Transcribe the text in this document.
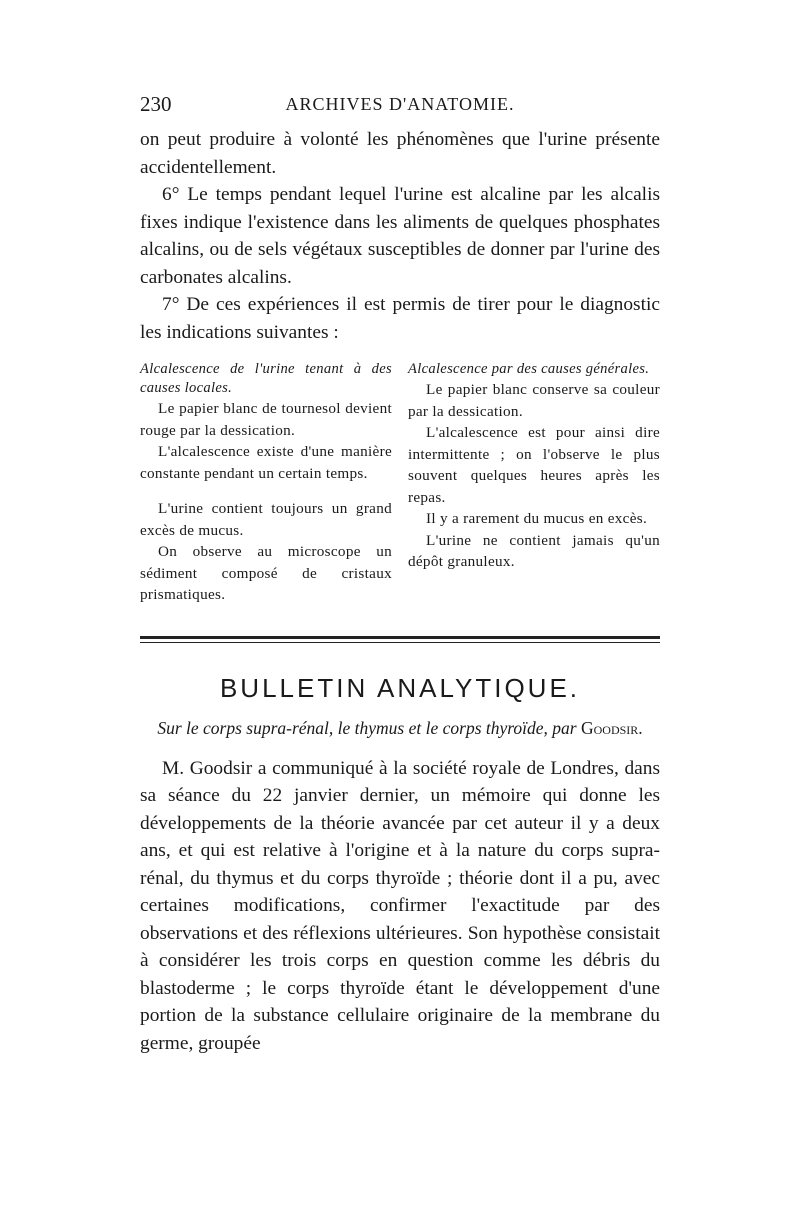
230	ARCHIVES D'ANATOMIE.

on peut produire à volonté les phénomènes que l'urine présente accidentellement.

6° Le temps pendant lequel l'urine est alcaline par les alcalis fixes indique l'existence dans les aliments de quelques phosphates alcalins, ou de sels végétaux susceptibles de donner par l'urine des carbonates alcalins.

7° De ces expériences il est permis de tirer pour le diagnostic les indications suivantes :

Alcalescence de l'urine tenant à des causes locales.

Le papier blanc de tournesol devient rouge par la dessication.

L'alcalescence existe d'une manière constante pendant un certain temps.

L'urine contient toujours un grand excès de mucus.

On observe au microscope un sédiment composé de cristaux prismatiques.

Alcalescence par des causes générales.

Le papier blanc conserve sa couleur par la dessication.

L'alcalescence est pour ainsi dire intermittente ; on l'observe le plus souvent quelques heures après les repas.

Il y a rarement du mucus en excès.

L'urine ne contient jamais qu'un dépôt granuleux.

BULLETIN ANALYTIQUE.
Sur le corps supra-rénal, le thymus et le corps thyroïde, par Goodsir.

M. Goodsir a communiqué à la société royale de Londres, dans sa séance du 22 janvier dernier, un mémoire qui donne les développements de la théorie avancée par cet auteur il y a deux ans, et qui est relative à l'origine et à la nature du corps supra-rénal, du thymus et du corps thyroïde ; théorie dont il a pu, avec certaines modifications, confirmer l'exactitude par des observations et des réflexions ultérieures. Son hypothèse consistait à considérer les trois corps en question comme les débris du blastoderme ; le corps thyroïde étant le développement d'une portion de la substance cellulaire originaire de la membrane du germe, groupée
